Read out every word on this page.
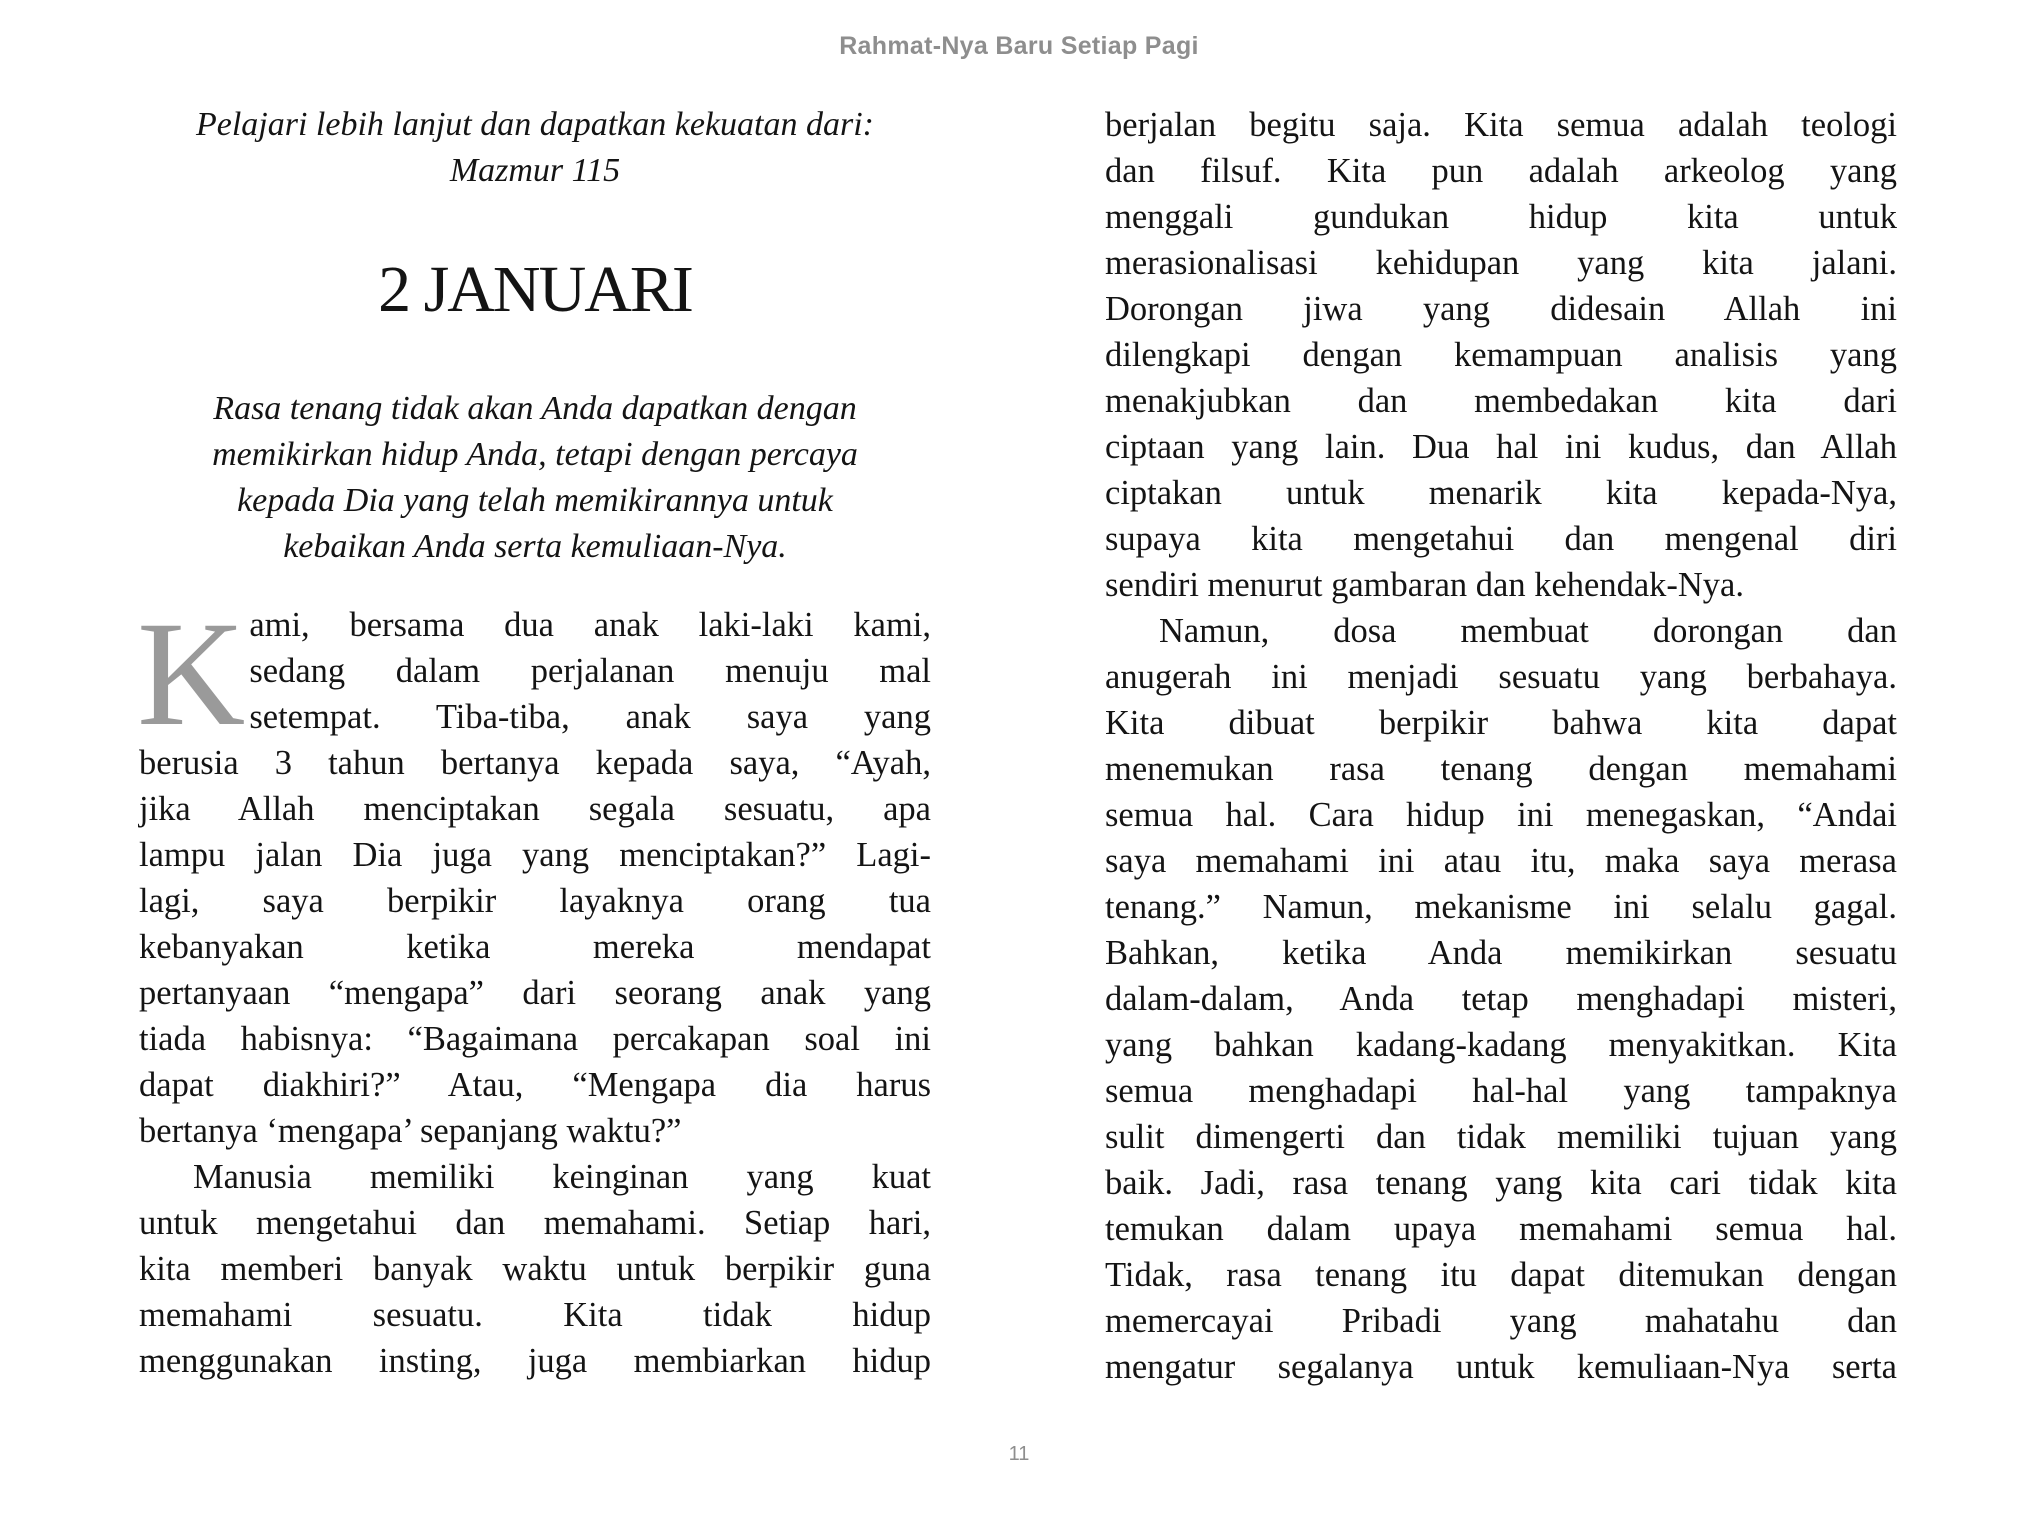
Rahmat-Nya Baru Setiap Pagi
Pelajari lebih lanjut dan dapatkan kekuatan dari:
Mazmur 115
2 JANUARI
Rasa tenang tidak akan Anda dapatkan dengan
memikirkan hidup Anda, tetapi dengan percaya
kepada Dia yang telah memikirannya untuk
kebaikan Anda serta kemuliaan-Nya.
K ami, bersama dua anak laki-laki kami,
sedang dalam perjalanan menuju mal
setempat. Tiba-tiba, anak saya yang
berusia 3 tahun bertanya kepada saya, “Ayah,
jika Allah menciptakan segala sesuatu, apa
lampu jalan Dia juga yang menciptakan?” Lagi-
lagi, saya berpikir layaknya orang tua
kebanyakan ketika mereka mendapat
pertanyaan “mengapa” dari seorang anak yang
tiada habisnya: “Bagaimana percakapan soal ini
dapat diakhiri?” Atau, “Mengapa dia harus
bertanya ‘mengapa’ sepanjang waktu?”
Manusia memiliki keinginan yang kuat
untuk mengetahui dan memahami. Setiap hari,
kita memberi banyak waktu untuk berpikir guna
memahami sesuatu. Kita tidak hidup
menggunakan insting, juga membiarkan hidup
berjalan begitu saja. Kita semua adalah teologi
dan filsuf. Kita pun adalah arkeolog yang
menggali gundukan hidup kita untuk
merasionalisasi kehidupan yang kita jalani.
Dorongan jiwa yang didesain Allah ini
dilengkapi dengan kemampuan analisis yang
menakjubkan dan membedakan kita dari
ciptaan yang lain. Dua hal ini kudus, dan Allah
ciptakan untuk menarik kita kepada-Nya,
supaya kita mengetahui dan mengenal diri
sendiri menurut gambaran dan kehendak-Nya.
Namun, dosa membuat dorongan dan
anugerah ini menjadi sesuatu yang berbahaya.
Kita dibuat berpikir bahwa kita dapat
menemukan rasa tenang dengan memahami
semua hal. Cara hidup ini menegaskan, “Andai
saya memahami ini atau itu, maka saya merasa
tenang.” Namun, mekanisme ini selalu gagal.
Bahkan, ketika Anda memikirkan sesuatu
dalam-dalam, Anda tetap menghadapi misteri,
yang bahkan kadang-kadang menyakitkan. Kita
semua menghadapi hal-hal yang tampaknya
sulit dimengerti dan tidak memiliki tujuan yang
baik. Jadi, rasa tenang yang kita cari tidak kita
temukan dalam upaya memahami semua hal.
Tidak, rasa tenang itu dapat ditemukan dengan
memercayai Pribadi yang mahatahu dan
mengatur segalanya untuk kemuliaan-Nya serta
11
